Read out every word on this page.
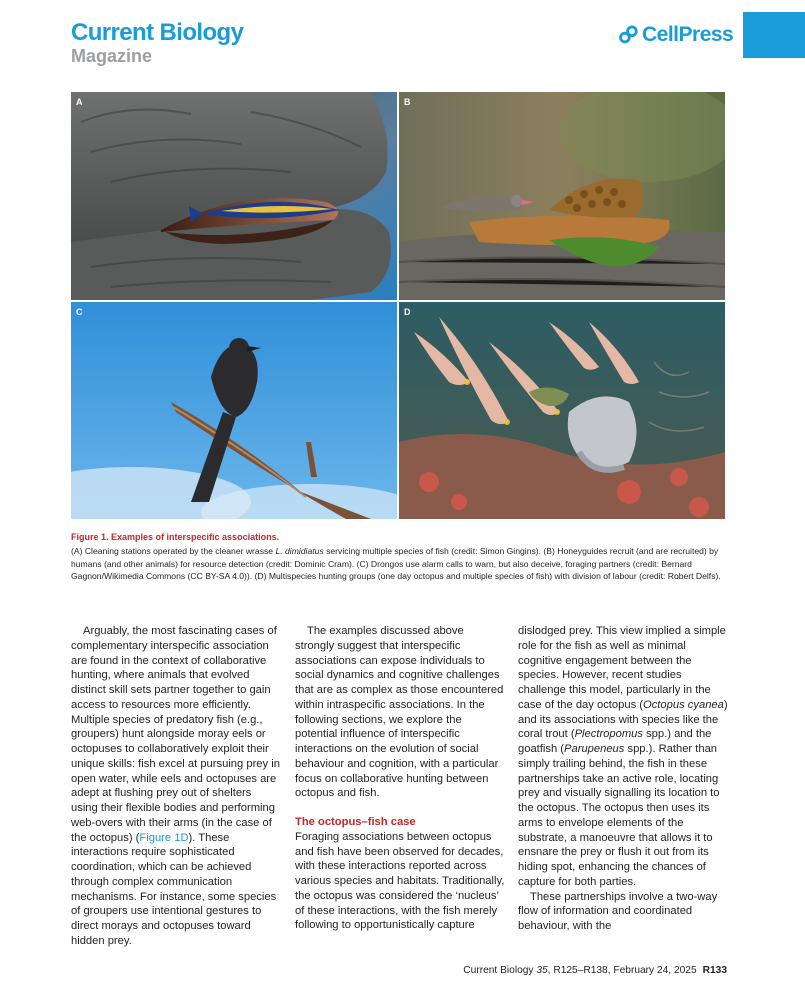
Current Biology
Magazine
CellPress
A	B
C	D
Figure 1. Examples of interspecific associations.
(A) Cleaning stations operated by the cleaner wrasse L. dimidiatus servicing multiple species of fish (credit: Simon Gingins). (B) Honeyguides recruit (and are recruited) by humans (and other animals) for resource detection (credit: Dominic Cram). (C) Drongos use alarm calls to warn, but also deceive, foraging partners (credit: Bernard Gagnon/Wikimedia Commons (CC BY-SA 4.0)). (D) Multispecies hunting groups (one day octopus and multiple species of fish) with division of labour (credit: Robert Delfs).

Arguably, the most fascinating cases of complementary interspecific association are found in the context of collaborative hunting, where animals that evolved distinct skill sets partner together to gain access to resources more efficiently. Multiple species of predatory fish (e.g., groupers) hunt alongside moray eels or octopuses to collaboratively exploit their unique skills: fish excel at pursuing prey in open water, while eels and octopuses are adept at flushing prey out of shelters using their flexible bodies and performing web-overs with their arms (in the case of the octopus) (Figure 1D). These interactions require sophisticated coordination, which can be achieved through complex communication mechanisms. For instance, some species of groupers use intentional gestures to direct morays and octopuses toward hidden prey.

The examples discussed above strongly suggest that interspecific associations can expose individuals to social dynamics and cognitive challenges that are as complex as those encountered within intraspecific associations. In the following sections, we explore the potential influence of interspecific interactions on the evolution of social behaviour and cognition, with a particular focus on collaborative hunting between octopus and fish.

The octopus–fish case

Foraging associations between octopus and fish have been observed for decades, with these interactions reported across various species and habitats. Traditionally, the octopus was considered the ‘nucleus’ of these interactions, with the fish merely following to opportunistically capture

dislodged prey. This view implied a simple role for the fish as well as minimal cognitive engagement between the species. However, recent studies challenge this model, particularly in the case of the day octopus (Octopus cyanea) and its associations with species like the coral trout (Plectropomus spp.) and the goatfish (Parupeneus spp.). Rather than simply trailing behind, the fish in these partnerships take an active role, locating prey and visually signalling its location to the octopus. The octopus then uses its arms to envelope elements of the substrate, a manoeuvre that allows it to ensnare the prey or flush it out from its hiding spot, enhancing the chances of capture for both parties.

These partnerships involve a two-way flow of information and coordinated behaviour, with the

Current Biology 35, R125–R138, February 24, 2025 R133
